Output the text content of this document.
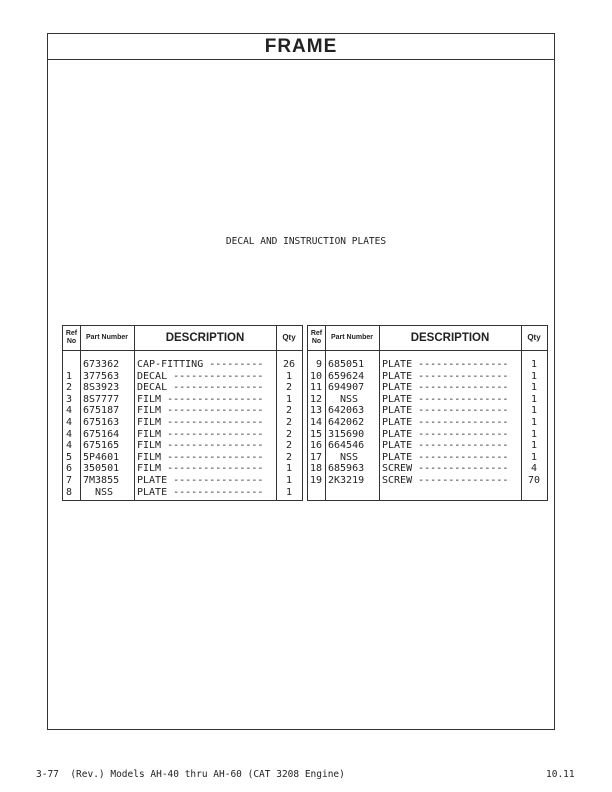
FRAME
DECAL AND INSTRUCTION PLATES
Ref No
Part Number	DESCRIPTION	Qty
673362 CAP-FITTING ---------	26
1 377563 DECAL ---------------	1
2 8S3923 DECAL ---------------	2
3 8S7777 FILM ----------------	1
4 675187 FILM ----------------	2
4 675163 FILM ----------------	2
4 675164 FILM ----------------	2
4 675165 FILM ----------------	2
5 5P4601 FILM ----------------	2
6 350501 FILM ----------------	1
7 7M3855 PLATE ---------------	1
8 NSS PLATE ---------------	1
Ref No
Part Number	DESCRIPTION	Qty
9 685051 PLATE ---------------	1
10 659624 PLATE ---------------	1
11 694907 PLATE ---------------	1
12 NSS PLATE ---------------	1
13 642063 PLATE ---------------	1
14 642062 PLATE ---------------	1
15 315690 PLATE ---------------	1
16 664546 PLATE ---------------	1
17 NSS PLATE ---------------	1
18 685963 SCREW ---------------	4
19 2K3219 SCREW ---------------	70
3-77  (Rev.) Models AH-40 thru AH-60 (CAT 3208 Engine)	10.11
